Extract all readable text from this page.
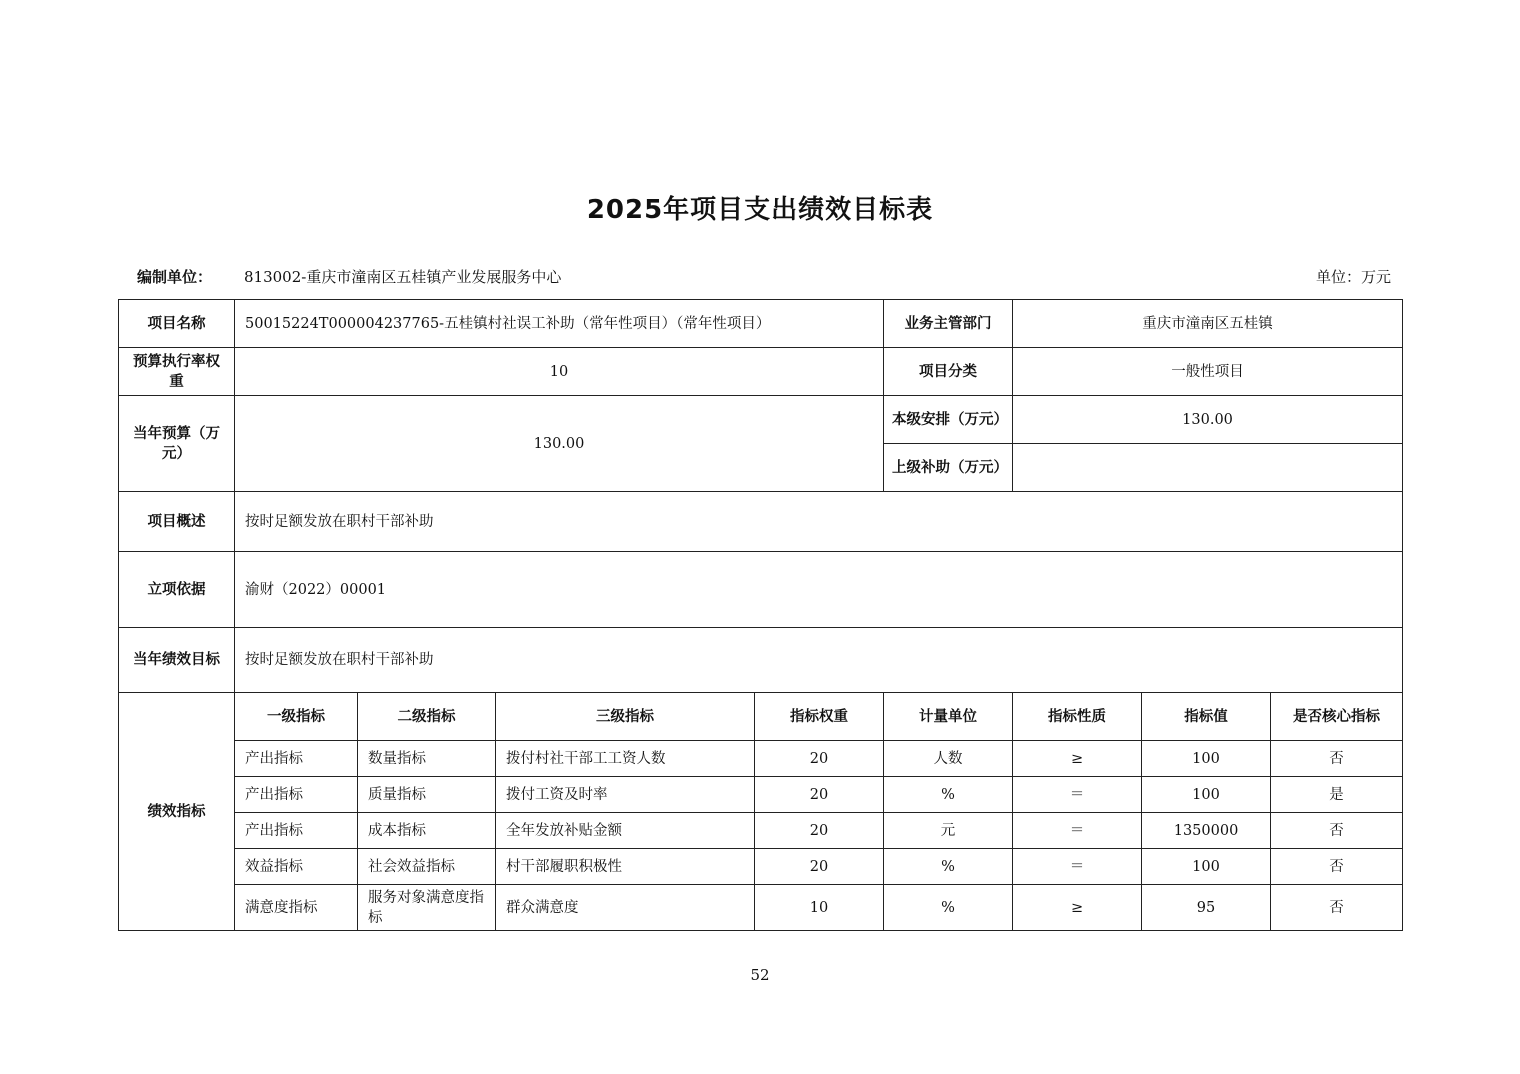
2025年项目支出绩效目标表
编制单位： 813002-重庆市潼南区五桂镇产业发展服务中心	单位：万元
项目名称	50015224T000004237765-五桂镇村社误工补助（常年性项目）（常年性项目）				业务主管部门	重庆市潼南区五桂镇		
预算执行率权重	10				项目分类	一般性项目		
当年预算（万元）	130.00				本级安排（万元）	130.00		
					上级补助（万元）			
项目概述	按时足额发放在职村干部补助							
立项依据	渝财（2022）00001							
当年绩效目标	按时足额发放在职村干部补助							
绩效指标	一级指标	二级指标	三级指标	指标权重	计量单位	指标性质	指标值	是否核心指标
	产出指标	数量指标	拨付村社干部工工资人数	20	人数	≥	100	否
	产出指标	质量指标	拨付工资及时率	20	%	＝	100	是
	产出指标	成本指标	全年发放补贴金额	20	元	＝	1350000	否
	效益指标	社会效益指标	村干部履职积极性	20	%	＝	100	否
	满意度指标	服务对象满意度指标	群众满意度	10	%	≥	95	否
52
